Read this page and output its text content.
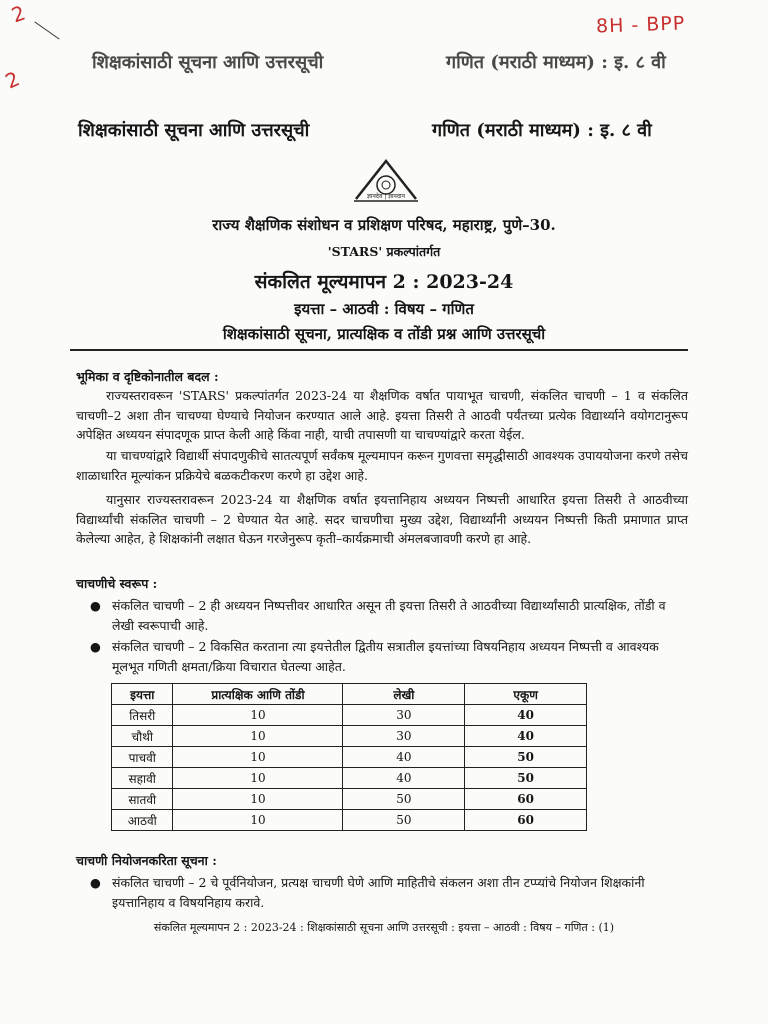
2
2
8H - BPP
शिक्षकांसाठी सूचना आणि उत्तरसूची	गणित (मराठी माध्यम) : इ. ८ वी
शिक्षकांसाठी सूचना आणि उत्तरसूची	गणित (मराठी माध्यम) : इ. ८ वी
ज्ञानदेव | ज्ञानदान
राज्य शैक्षणिक संशोधन व प्रशिक्षण परिषद, महाराष्ट्र, पुणे–30.
'STARS' प्रकल्पांतर्गत
संकलित मूल्यमापन 2 : 2023-24
इयत्ता – आठवी : विषय – गणित
शिक्षकांसाठी सूचना, प्रात्यक्षिक व तोंडी प्रश्न आणि उत्तरसूची
भूमिका व दृष्टिकोनातील बदल :
राज्यस्तरावरून 'STARS' प्रकल्पांतर्गत 2023-24 या शैक्षणिक वर्षात पायाभूत चाचणी, संकलित चाचणी – 1 व संकलित चाचणी–2 अशा तीन चाचण्या घेण्याचे नियोजन करण्यात आले आहे. इयत्ता तिसरी ते आठवी पर्यंतच्या प्रत्येक विद्यार्थ्याने वयोगटानुरूप अपेक्षित अध्ययन संपादणूक प्राप्त केली आहे किंवा नाही, याची तपासणी या चाचण्यांद्वारे करता येईल.
या चाचण्यांद्वारे विद्यार्थी संपादणुकीचे सातत्यपूर्ण सर्वंकष मूल्यमापन करून गुणवत्ता समृद्धीसाठी आवश्यक उपाययोजना करणे तसेच शाळाधारित मूल्यांकन प्रक्रियेचे बळकटीकरण करणे हा उद्देश आहे.
यानुसार राज्यस्तरावरून 2023-24 या शैक्षणिक वर्षात इयत्तानिहाय अध्ययन निष्पत्ती आधारित इयत्ता तिसरी ते आठवीच्या विद्यार्थ्यांची संकलित चाचणी – 2 घेण्यात येत आहे. सदर चाचणीचा मुख्य उद्देश, विद्यार्थ्यांनी अध्ययन निष्पत्ती किती प्रमाणात प्राप्त केलेल्या आहेत, हे शिक्षकांनी लक्षात घेऊन गरजेनुरूप कृती–कार्यक्रमाची अंमलबजावणी करणे हा आहे.
चाचणीचे स्वरूप :
● संकलित चाचणी – 2 ही अध्ययन निष्पत्तीवर आधारित असून ती इयत्ता तिसरी ते आठवीच्या विद्यार्थ्यांसाठी प्रात्यक्षिक, तोंडी व लेखी स्वरूपाची आहे.
● संकलित चाचणी – 2 विकसित करताना त्या इयत्तेतील द्वितीय सत्रातील इयत्तांच्या विषयनिहाय अध्ययन निष्पत्ती व आवश्यक मूलभूत गणिती क्षमता/क्रिया विचारात घेतल्या आहेत.
इयत्ता	प्रात्यक्षिक आणि तोंडी	लेखी	एकूण
तिसरी	10	30	40
चौथी	10	30	40
पाचवी	10	40	50
सहावी	10	40	50
सातवी	10	50	60
आठवी	10	50	60
चाचणी नियोजनकरिता सूचना :
● संकलित चाचणी – 2 चे पूर्वनियोजन, प्रत्यक्ष चाचणी घेणे आणि माहितीचे संकलन अशा तीन टप्प्यांचे नियोजन शिक्षकांनी इयत्तानिहाय व विषयनिहाय करावे.
संकलित मूल्यमापन 2 : 2023-24 : शिक्षकांसाठी सूचना आणि उत्तरसूची : इयत्ता – आठवी : विषय – गणित : (1)
